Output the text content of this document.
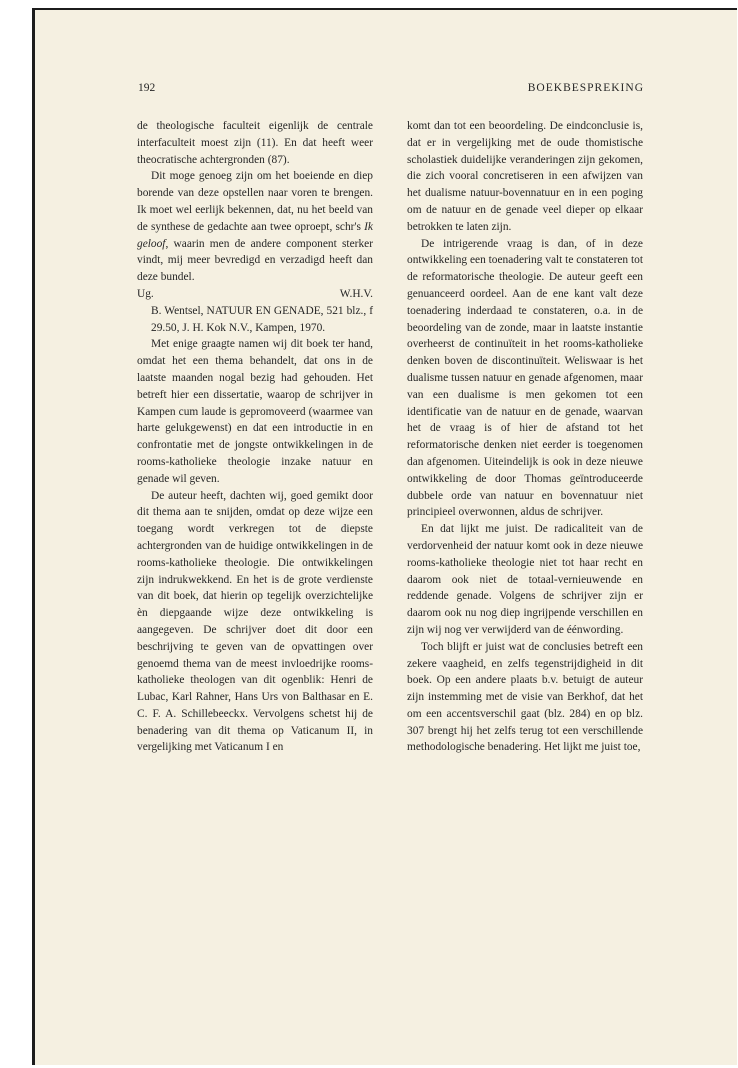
192	BOEKBESPREKING

de theologische faculteit eigenlijk de centrale interfaculteit moest zijn (11). En dat heeft weer theocratische achtergronden (87).

Dit moge genoeg zijn om het boeiende en diep borende van deze opstellen naar voren te brengen. Ik moet wel eerlijk bekennen, dat, nu het beeld van de synthese de gedachte aan twee oproept, schr's Ik geloof, waarin men de andere component sterker vindt, mij meer bevredigd en verzadigd heeft dan deze bundel.

Ug.	W.H.V.

B. Wentsel, NATUUR EN GENADE, 521 blz., f 29.50, J. H. Kok N.V., Kampen, 1970.

Met enige graagte namen wij dit boek ter hand, omdat het een thema behandelt, dat ons in de laatste maanden nogal bezig had gehouden. Het betreft hier een dissertatie, waarop de schrijver in Kampen cum laude is gepromoveerd (waarmee van harte gelukgewenst) en dat een introductie in en confrontatie met de jongste ontwikkelingen in de rooms-katholieke theologie inzake natuur en genade wil geven.

De auteur heeft, dachten wij, goed gemikt door dit thema aan te snijden, omdat op deze wijze een toegang wordt verkregen tot de diepste achtergronden van de huidige ontwikkelingen in de rooms-katholieke theologie. Die ontwikkelingen zijn indrukwekkend. En het is de grote verdienste van dit boek, dat hierin op tegelijk overzichtelijke èn diepgaande wijze deze ontwikkeling is aangegeven. De schrijver doet dit door een beschrijving te geven van de opvattingen over genoemd thema van de meest invloedrijke rooms-katholieke theologen van dit ogenblik: Henri de Lubac, Karl Rahner, Hans Urs von Balthasar en E. C. F. A. Schillebeeckx. Vervolgens schetst hij de benadering van dit thema op Vaticanum II, in vergelijking met Vaticanum I en

komt dan tot een beoordeling. De eindconclusie is, dat er in vergelijking met de oude thomistische scholastiek duidelijke veranderingen zijn gekomen, die zich vooral concretiseren in een afwijzen van het dualisme natuur-bovennatuur en in een poging om de natuur en de genade veel dieper op elkaar betrokken te laten zijn.

De intrigerende vraag is dan, of in deze ontwikkeling een toenadering valt te constateren tot de reformatorische theologie. De auteur geeft een genuanceerd oordeel. Aan de ene kant valt deze toenadering inderdaad te constateren, o.a. in de beoordeling van de zonde, maar in laatste instantie overheerst de continuïteit in het rooms-katholieke denken boven de discontinuïteit. Weliswaar is het dualisme tussen natuur en genade afgenomen, maar van een dualisme is men gekomen tot een identificatie van de natuur en de genade, waarvan het de vraag is of hier de afstand tot het reformatorische denken niet eerder is toegenomen dan afgenomen. Uiteindelijk is ook in deze nieuwe ontwikkeling de door Thomas geïntroduceerde dubbele orde van natuur en bovennatuur niet principieel overwonnen, aldus de schrijver.

En dat lijkt me juist. De radicaliteit van de verdorvenheid der natuur komt ook in deze nieuwe rooms-katholieke theologie niet tot haar recht en daarom ook niet de totaal-vernieuwende en reddende genade. Volgens de schrijver zijn er daarom ook nu nog diep ingrijpende verschillen en zijn wij nog ver verwijderd van de éénwording.

Toch blijft er juist wat de conclusies betreft een zekere vaagheid, en zelfs tegenstrijdigheid in dit boek. Op een andere plaats b.v. betuigt de auteur zijn instemming met de visie van Berkhof, dat het om een accentsverschil gaat (blz. 284) en op blz. 307 brengt hij het zelfs terug tot een verschillende methodologische benadering. Het lijkt me juist toe,
